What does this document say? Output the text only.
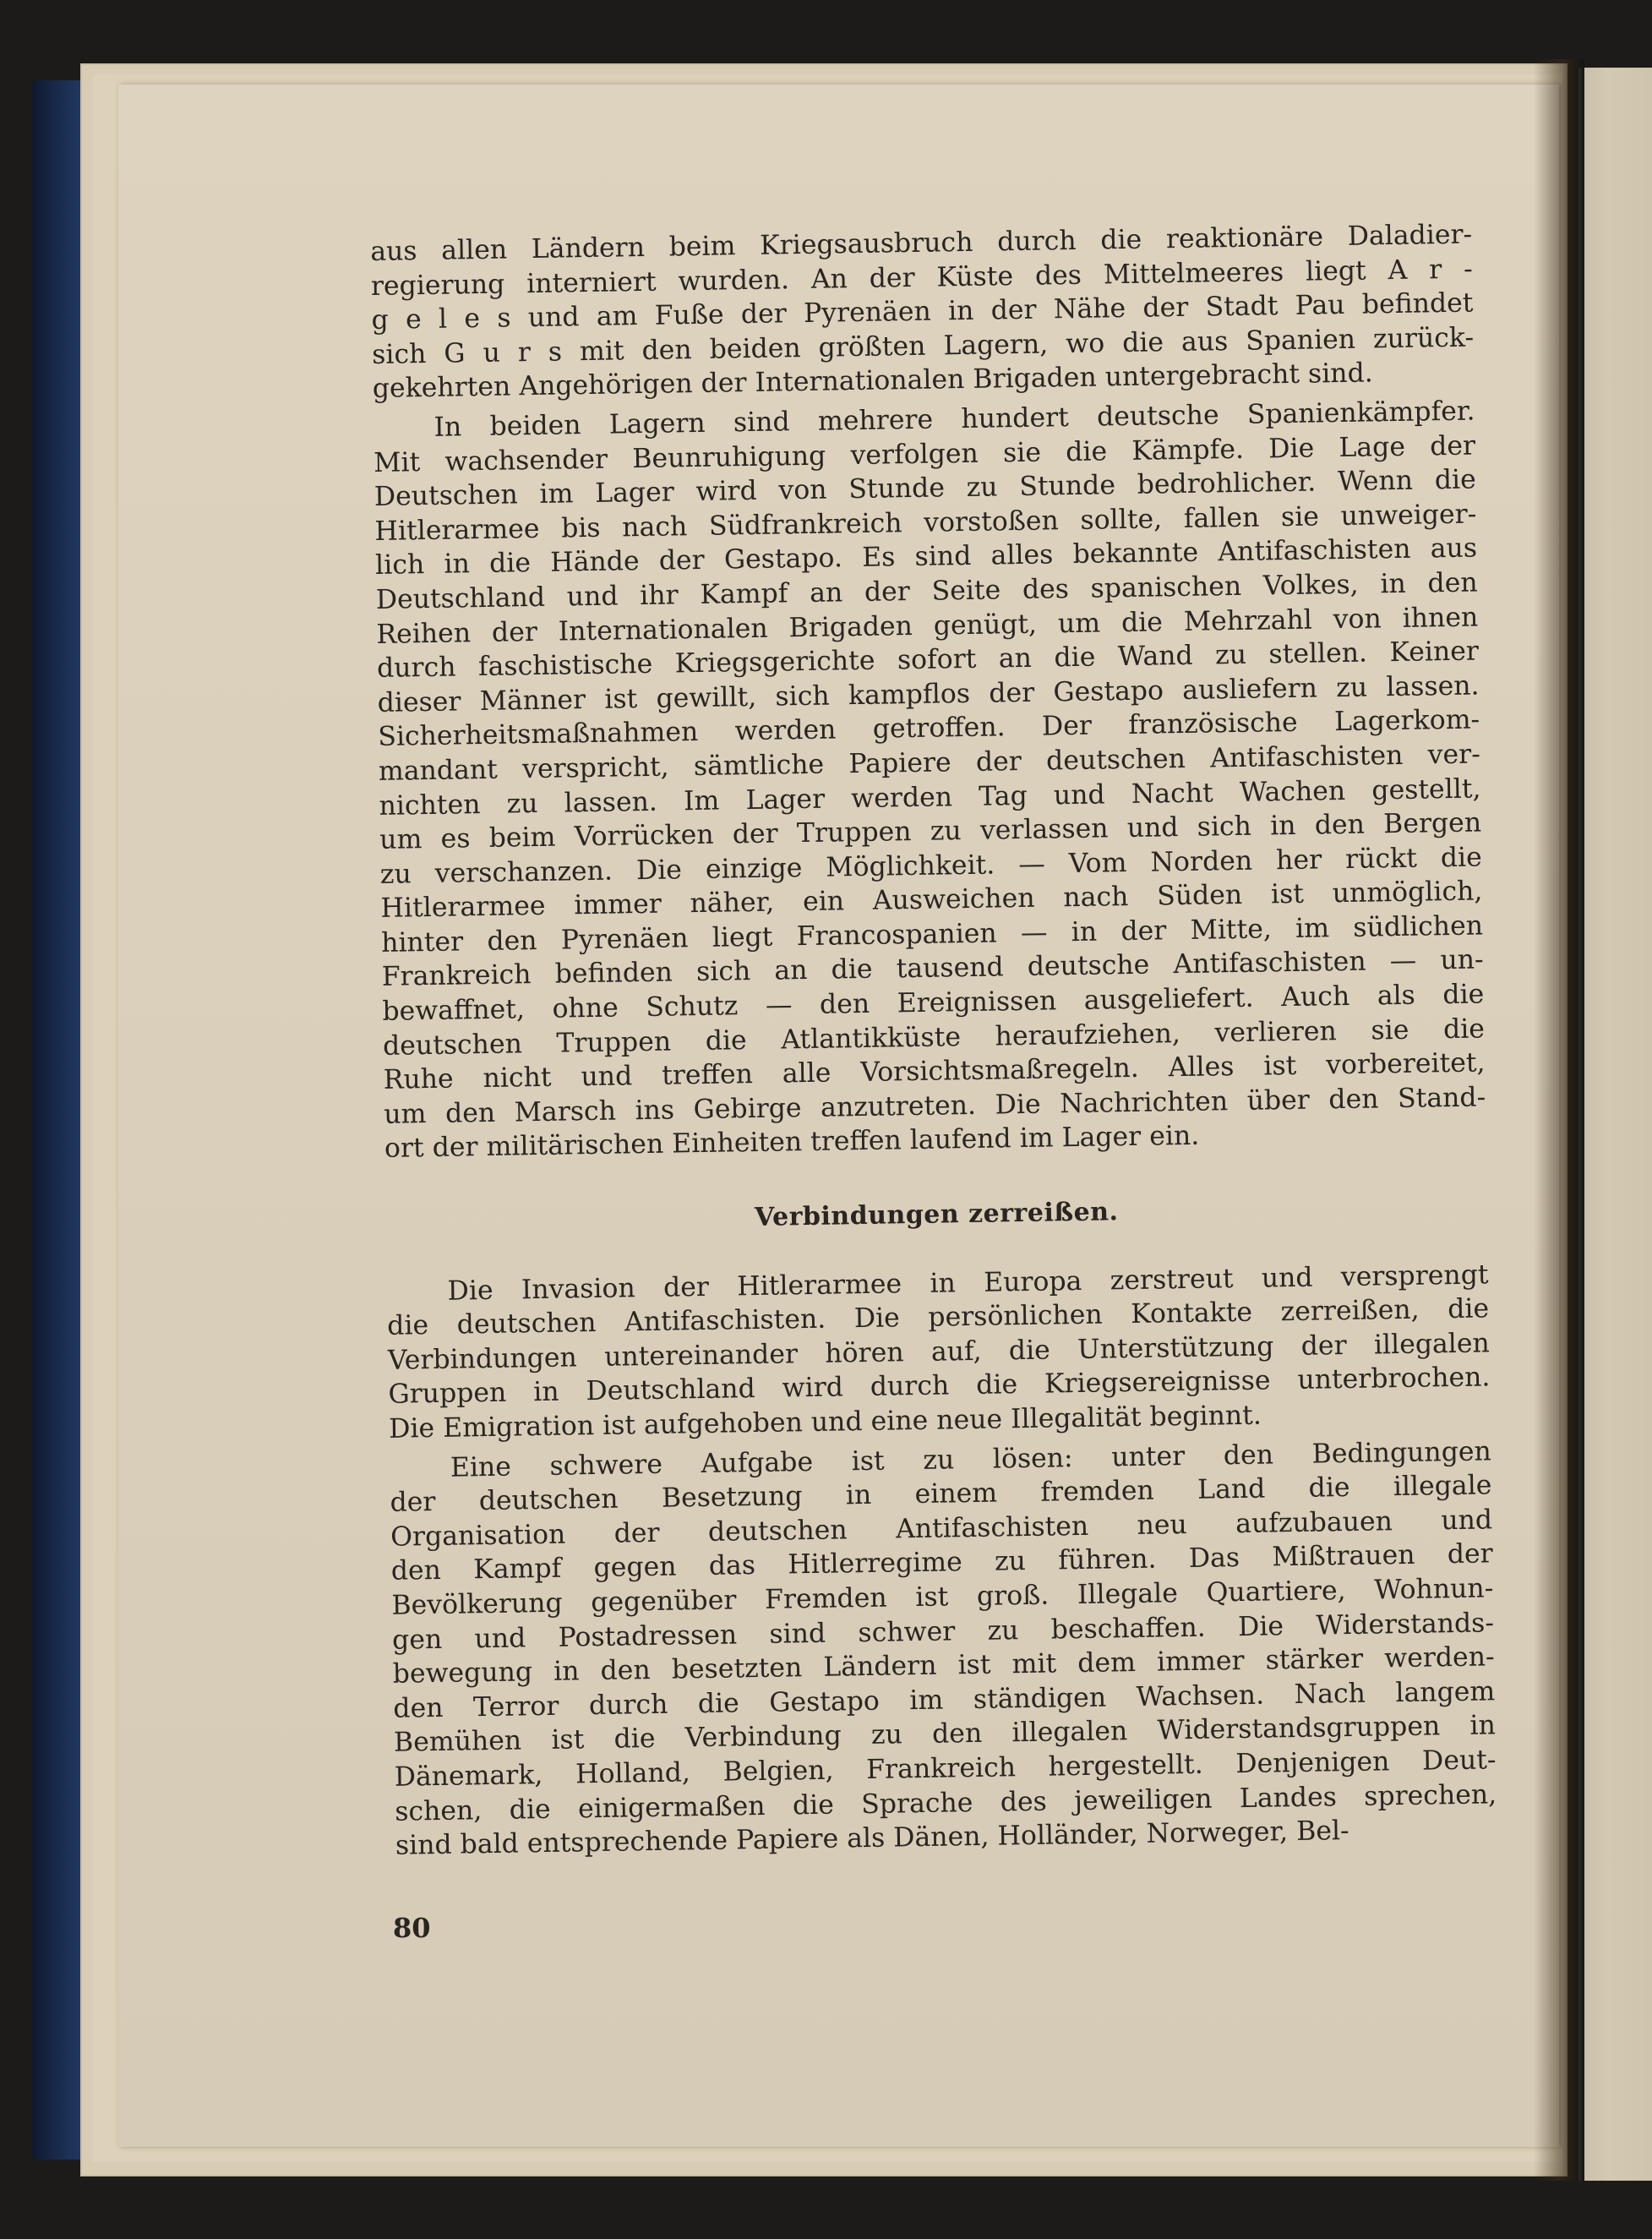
aus allen Ländern beim Kriegsausbruch durch die reaktionäre Daladier-

regierung interniert wurden. An der Küste des Mittelmeeres liegt A r -

g e l e s und am Fuße der Pyrenäen in der Nähe der Stadt Pau befindet

sich G u r s mit den beiden größten Lagern, wo die aus Spanien zurück-

gekehrten Angehörigen der Internationalen Brigaden untergebracht sind.

In beiden Lagern sind mehrere hundert deutsche Spanienkämpfer.

Mit wachsender Beunruhigung verfolgen sie die Kämpfe. Die Lage der

Deutschen im Lager wird von Stunde zu Stunde bedrohlicher. Wenn die

Hitlerarmee bis nach Südfrankreich vorstoßen sollte, fallen sie unweiger-

lich in die Hände der Gestapo. Es sind alles bekannte Antifaschisten aus

Deutschland und ihr Kampf an der Seite des spanischen Volkes, in den

Reihen der Internationalen Brigaden genügt, um die Mehrzahl von ihnen

durch faschistische Kriegsgerichte sofort an die Wand zu stellen. Keiner

dieser Männer ist gewillt, sich kampflos der Gestapo ausliefern zu lassen.

Sicherheitsmaßnahmen werden getroffen. Der französische Lagerkom-

mandant verspricht, sämtliche Papiere der deutschen Antifaschisten ver-

nichten zu lassen. Im Lager werden Tag und Nacht Wachen gestellt,

um es beim Vorrücken der Truppen zu verlassen und sich in den Bergen

zu verschanzen. Die einzige Möglichkeit. — Vom Norden her rückt die

Hitlerarmee immer näher, ein Ausweichen nach Süden ist unmöglich,

hinter den Pyrenäen liegt Francospanien — in der Mitte, im südlichen

Frankreich befinden sich an die tausend deutsche Antifaschisten — un-

bewaffnet, ohne Schutz — den Ereignissen ausgeliefert. Auch als die

deutschen Truppen die Atlantikküste heraufziehen, verlieren sie die

Ruhe nicht und treffen alle Vorsichtsmaßregeln. Alles ist vorbereitet,

um den Marsch ins Gebirge anzutreten. Die Nachrichten über den Stand-

ort der militärischen Einheiten treffen laufend im Lager ein.

Verbindungen zerreißen.

Die Invasion der Hitlerarmee in Europa zerstreut und versprengt

die deutschen Antifaschisten. Die persönlichen Kontakte zerreißen, die

Verbindungen untereinander hören auf, die Unterstützung der illegalen

Gruppen in Deutschland wird durch die Kriegsereignisse unterbrochen.

Die Emigration ist aufgehoben und eine neue Illegalität beginnt.

Eine schwere Aufgabe ist zu lösen: unter den Bedingungen

der deutschen Besetzung in einem fremden Land die illegale

Organisation der deutschen Antifaschisten neu aufzubauen und

den Kampf gegen das Hitlerregime zu führen. Das Mißtrauen der

Bevölkerung gegenüber Fremden ist groß. Illegale Quartiere, Wohnun-

gen und Postadressen sind schwer zu beschaffen. Die Widerstands-

bewegung in den besetzten Ländern ist mit dem immer stärker werden-

den Terror durch die Gestapo im ständigen Wachsen. Nach langem

Bemühen ist die Verbindung zu den illegalen Widerstandsgruppen in

Dänemark, Holland, Belgien, Frankreich hergestellt. Denjenigen Deut-

schen, die einigermaßen die Sprache des jeweiligen Landes sprechen,

sind bald entsprechende Papiere als Dänen, Holländer, Norweger, Bel-

80
